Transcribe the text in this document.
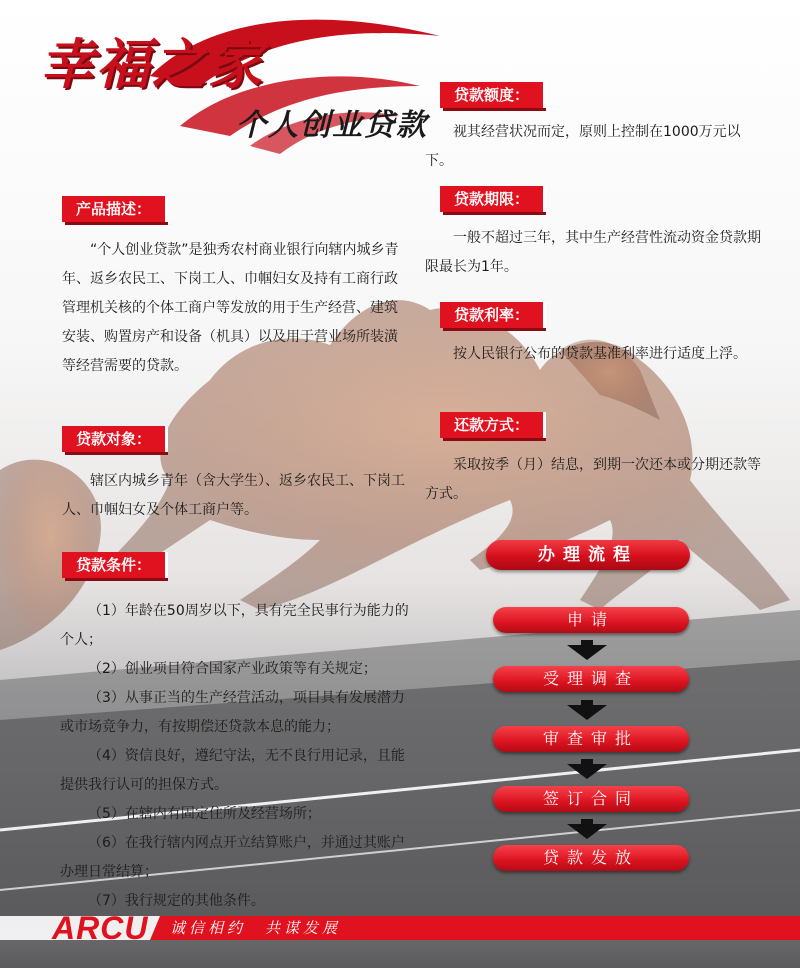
幸福之家
个人创业贷款
产品描述：

“个人创业贷款”是独秀农村商业银行向辖内城乡青年、返乡农民工、下岗工人、巾帼妇女及持有工商行政管理机关核的个体工商户等发放的用于生产经营、建筑安装、购置房产和设备（机具）以及用于营业场所装潢等经营需要的贷款。

贷款对象：

辖区内城乡青年（含大学生）、返乡农民工、下岗工人、巾帼妇女及个体工商户等。

贷款条件：
（1）年龄在50周岁以下，具有完全民事行为能力的个人；
（2）创业项目符合国家产业政策等有关规定；
（3）从事正当的生产经营活动，项目具有发展潜力或市场竞争力，有按期偿还贷款本息的能力；
（4）资信良好，遵纪守法，无不良行用记录，且能提供我行认可的担保方式。
（5）在辖内有固定住所及经营场所；
（6）在我行辖内网点开立结算账户，并通过其账户办理日常结算；
（7）我行规定的其他条件。
贷款额度：

视其经营状况而定，原则上控制在1000万元以下。

贷款期限：

一般不超过三年，其中生产经营性流动资金贷款期限最长为1年。

贷款利率：

按人民银行公布的贷款基准利率进行适度上浮。

还款方式：

采取按季（月）结息，到期一次还本或分期还款等方式。

办理流程
申请
受理调查
审查审批
签订合同
贷款发放
ARCU 诚信相约　共谋发展
